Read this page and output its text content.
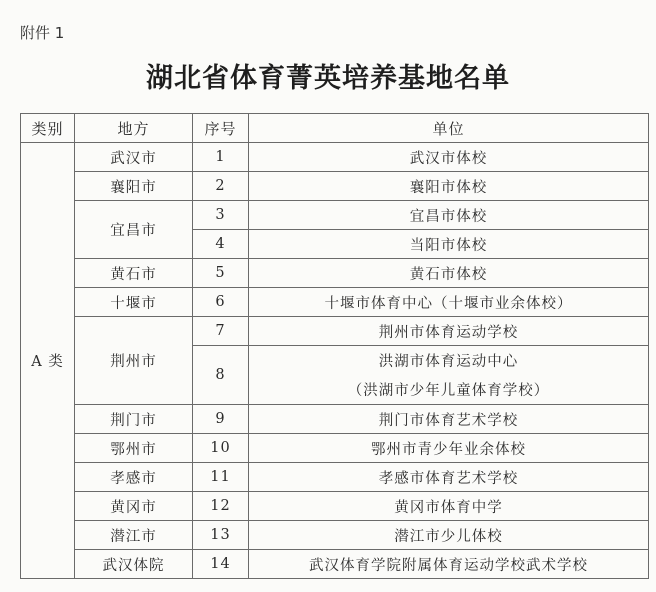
附件 1
湖北省体育菁英培养基地名单
类别	地方	序号	单位
A 类	武汉市	1	武汉市体校
	襄阳市	2	襄阳市体校
	宜昌市	3	宜昌市体校
		4	当阳市体校
	黄石市	5	黄石市体校
	十堰市	6	十堰市体育中心（十堰市业余体校）
	荆州市	7	荆州市体育运动学校
		8	洪湖市体育运动中心
（洪湖市少年儿童体育学校）

	荆门市	9	荆门市体育艺术学校
	鄂州市	10	鄂州市青少年业余体校
	孝感市	11	孝感市体育艺术学校
	黄冈市	12	黄冈市体育中学
	潜江市	13	潜江市少儿体校
	武汉体院	14	武汉体育学院附属体育运动学校武术学校
